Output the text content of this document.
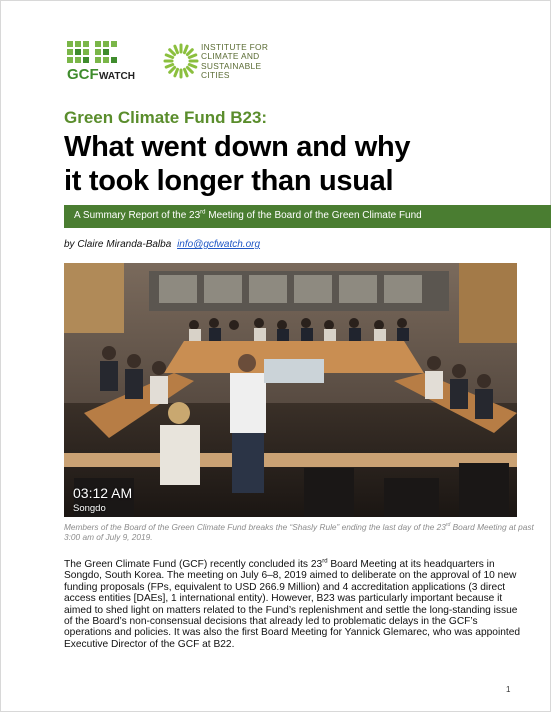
GCF WATCH
INSTITUTE FOR
CLIMATE AND
SUSTAINABLE
CITIES
Green Climate Fund B23:
What went down and why
it took longer than usual
A Summary Report of the 23rd Meeting of the Board of the Green Climate Fund
by Claire Miranda-Balba info@gcfwatch.org
03:12 AM
Songdo

Members of the Board of the Green Climate Fund breaks the “Shasly Rule” ending the last day of the 23rd Board Meeting at past 3:00 am of July 9, 2019.

The Green Climate Fund (GCF) recently concluded its 23rd Board Meeting at its headquarters in Songdo, South Korea. The meeting on July 6–8, 2019 aimed to deliberate on the approval of 10 new funding proposals (FPs, equivalent to USD 266.9 Million) and 4 accreditation applications (3 direct access entities [DAEs], 1 international entity). However, B23 was particularly important because it aimed to shed light on matters related to the Fund’s replenishment and settle the long-standing issue of the Board’s non-consensual decisions that already led to problematic delays in the GCF’s operations and policies. It was also the first Board Meeting for Yannick Glemarec, who was appointed Executive Director of the GCF at B22.

1
